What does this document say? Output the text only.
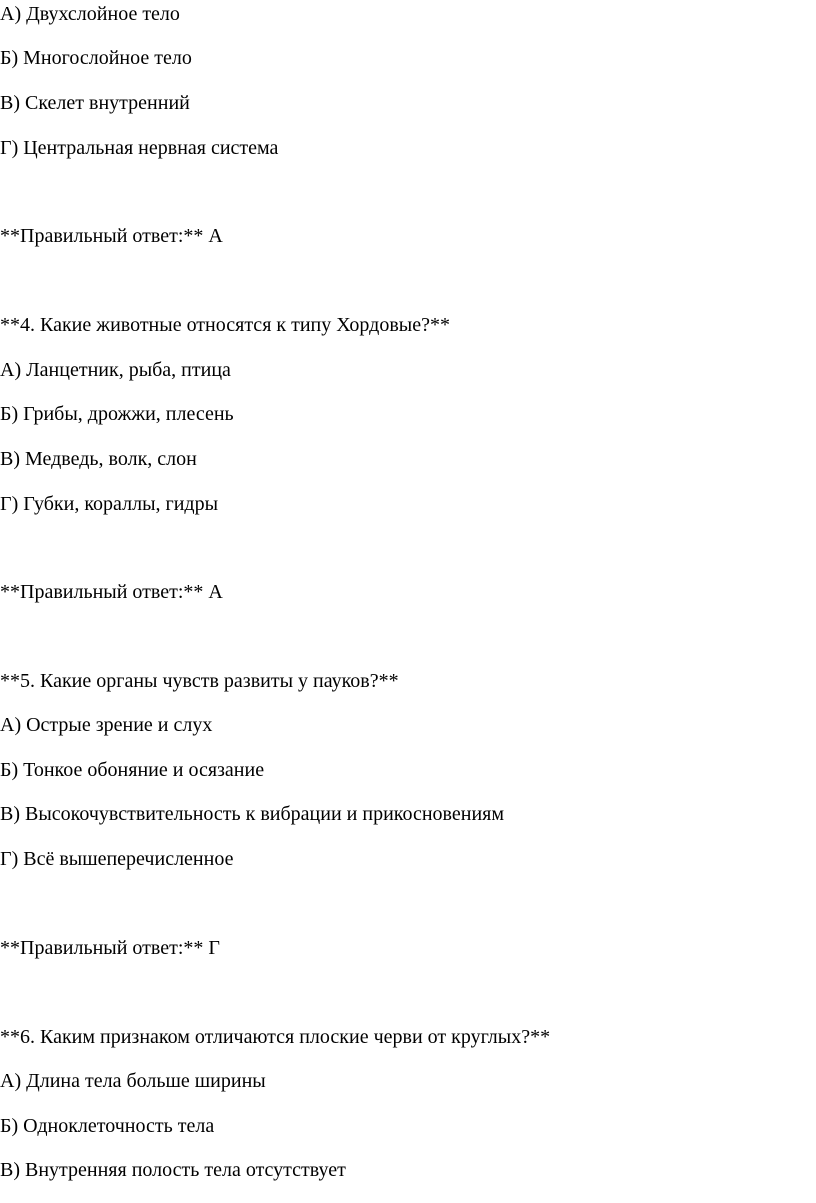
А) Двухслойное тело

Б) Многослойное тело

В) Скелет внутренний

Г) Центральная нервная система

**Правильный ответ:** А

**4. Какие животные относятся к типу Хордовые?**

А) Ланцетник, рыба, птица

Б) Грибы, дрожжи, плесень

В) Медведь, волк, слон

Г) Губки, кораллы, гидры

**Правильный ответ:** А

**5. Какие органы чувств развиты у пауков?**

А) Острые зрение и слух

Б) Тонкое обоняние и осязание

В) Высокочувствительность к вибрации и прикосновениям

Г) Всё вышеперечисленное

**Правильный ответ:** Г

**6. Каким признаком отличаются плоские черви от круглых?**

А) Длина тела больше ширины

Б) Одноклеточность тела

В) Внутренняя полость тела отсутствует
